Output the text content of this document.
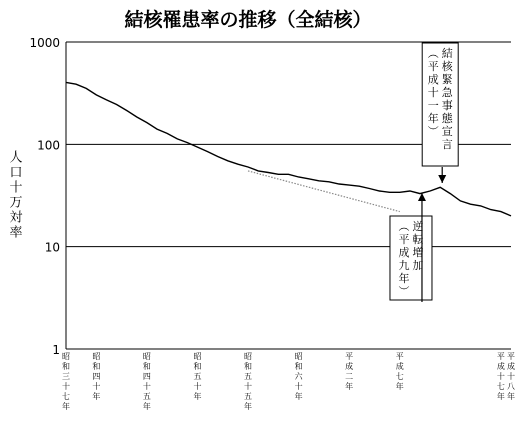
結核罹患率の推移（全結核）
人口十万対率
1
10
100
1000
昭和三十七年
昭和四十年
昭和四十五年
昭和五十年
昭和五十五年
昭和六十年
平成二年
平成七年
平成十七年
平成十八年
結核緊急事態宣言︵平成十一年︶
逆転増加︵平成九年︶
